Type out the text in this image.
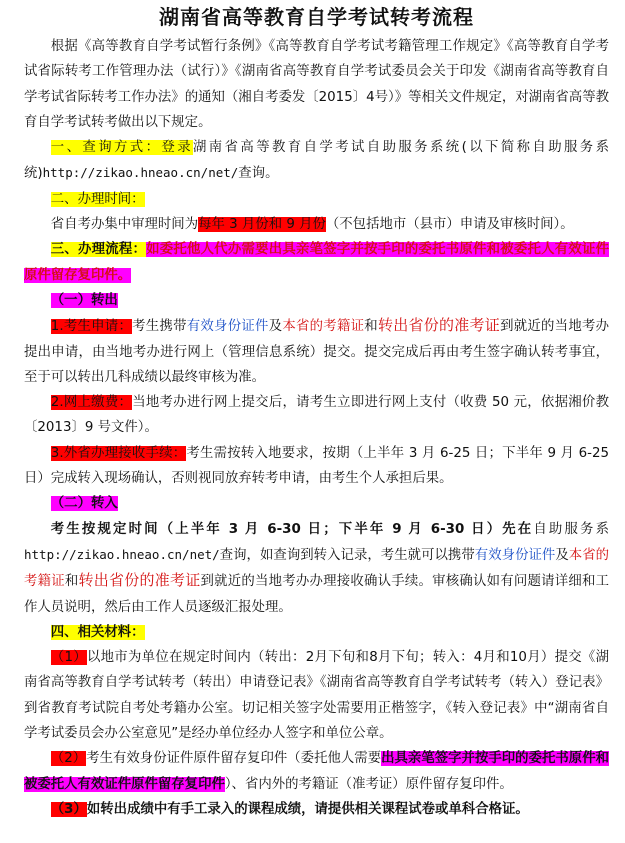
湖南省高等教育自学考试转考流程

根据《高等教育自学考试暂行条例》《高等教育自学考试考籍管理工作规定》《高等教育自学考试省际转考工作管理办法（试行）》《湖南省高等教育自学考试委员会关于印发《湖南省高等教育自学考试省际转考工作办法》的通知（湘自考委发〔2015〕4号）》等相关文件规定，对湖南省高等教育自学考试转考做出以下规定。

一、查询方式：登录湖南省高等教育自学考试自助服务系统(以下简称自助服务系统)http://zikao.hneao.cn/net/查询。

二、办理时间：

省自考办集中审理时间为每年 3 月份和 9 月份（不包括地市（县市）申请及审核时间）。

三、办理流程：如委托他人代办需要出具亲笔签字并按手印的委托书原件和被委托人有效证件原件留存复印件。

（一）转出

1.考生申请：考生携带有效身份证件及本省的考籍证和转出省份的准考证到就近的当地考办提出申请，由当地考办进行网上（管理信息系统）提交。提交完成后再由考生签字确认转考事宜，至于可以转出几科成绩以最终审核为准。

2.网上缴费：当地考办进行网上提交后，请考生立即进行网上支付（收费 50 元，依据湘价教〔2013〕9 号文件）。

3.外省办理接收手续：考生需按转入地要求，按期（上半年 3 月 6-25 日；下半年 9 月 6-25 日）完成转入现场确认，否则视同放弃转考申请，由考生个人承担后果。

（二）转入

考生按规定时间（上半年 3 月 6-30 日；下半年 9 月 6-30 日）先在自助服务系http://zikao.hneao.cn/net/查询，如查询到转入记录，考生就可以携带有效身份证件及本省的考籍证和转出省份的准考证到就近的当地考办办理接收确认手续。审核确认如有问题请详细和工作人员说明，然后由工作人员逐级汇报处理。

四、相关材料：

（1）以地市为单位在规定时间内（转出：2月下旬和8月下旬；转入：4月和10月）提交《湖南省高等教育自学考试转考（转出）申请登记表》《湖南省高等教育自学考试转考（转入）登记表》到省教育考试院自考处考籍办公室。切记相关签字处需要用正楷签字，《转入登记表》中“湖南省自学考试委员会办公室意见”是经办单位经办人签字和单位公章。

（2）考生有效身份证件原件留存复印件（委托他人需要出具亲笔签字并按手印的委托书原件和被委托人有效证件原件留存复印件）、省内外的考籍证（准考证）原件留存复印件。

（3）如转出成绩中有手工录入的课程成绩，请提供相关课程试卷或单科合格证。
